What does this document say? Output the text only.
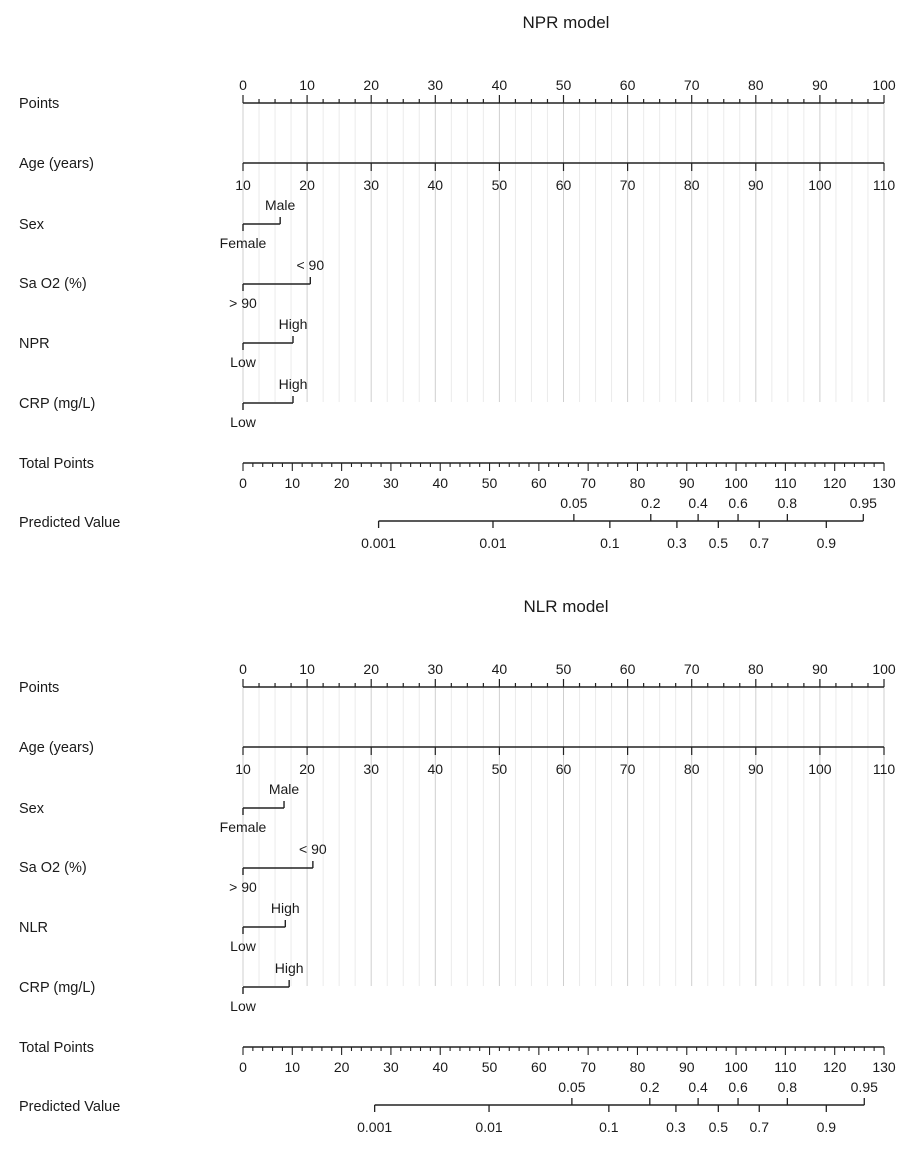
NPR model
Points
Age (years)
Sex
Sa O2 (%)
NPR
CRP (mg/L)
Total Points
Predicted Value
0	10	20	30	40	50	60	70	80	90	100
10	20	30	40	50	60	70	80	90	100	110
Male
Female
< 90
> 90
High
Low
High
Low
0	10 20 30 40 50 60 70 80 90 100 110 120 130
0.05	0.2 0.4 0.6 0.8	0.95
0.001	0.01	0.1	0.3 0.5 0.7	0.9
NLR model
Points
Age (years)
Sex
Sa O2 (%)
NLR
CRP (mg/L)
Total Points
Predicted Value
0	10	20	30	40	50	60	70	80	90	100
10	20	30	40	50	60	70	80	90	100	110
Male
Female
< 90
> 90
High
Low
High
Low
0	10 20 30 40 50 60 70 80 90 100 110 120 130
0.05	0.2 0.4 0.6 0.8	0.95
0.001	0.01	0.1	0.3 0.5 0.7	0.9
